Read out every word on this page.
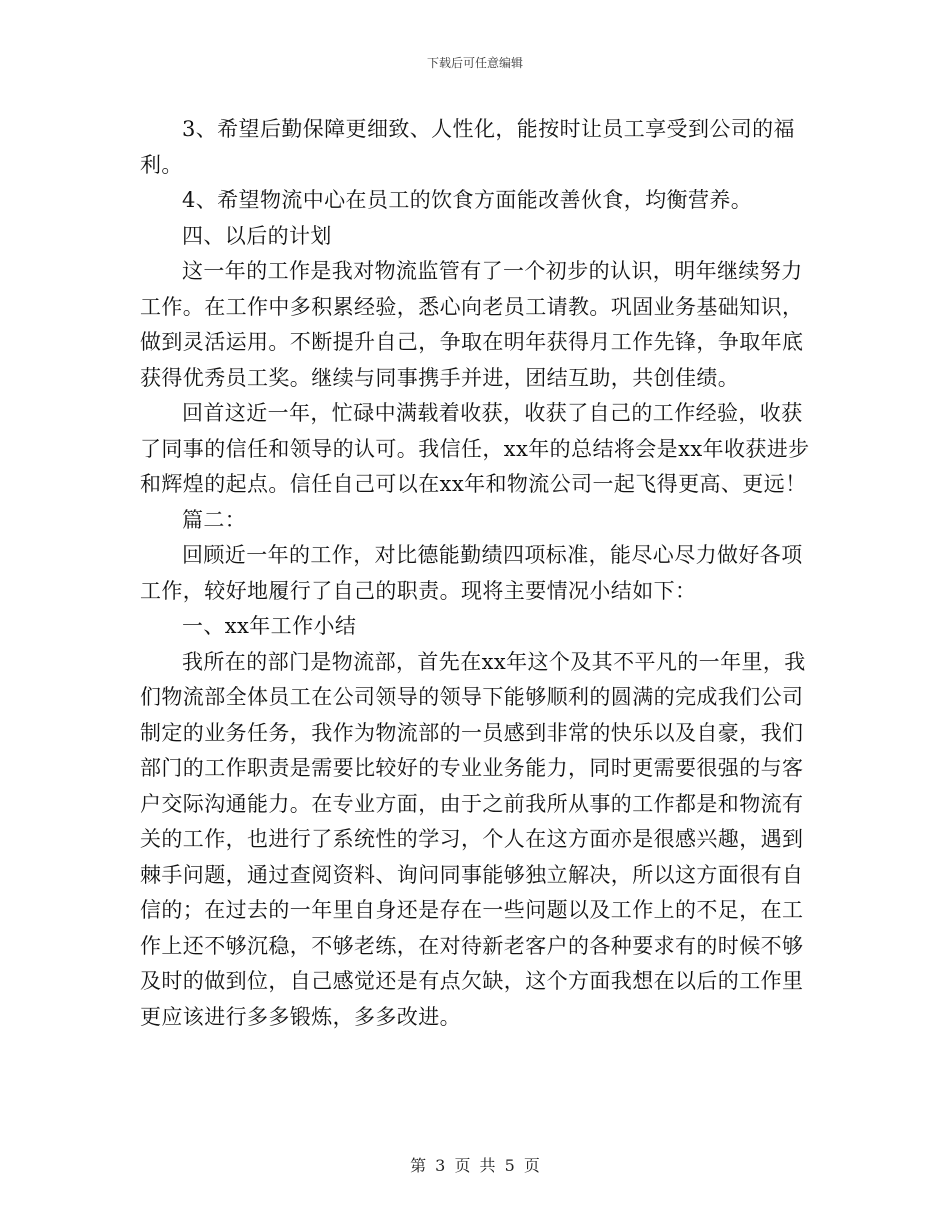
下载后可任意编辑

3、希望后勤保障更细致、人性化，能按时让员工享受到公司的福利。

4、希望物流中心在员工的饮食方面能改善伙食，均衡营养。

四、以后的计划

这一年的工作是我对物流监管有了一个初步的认识，明年继续努力工作。在工作中多积累经验，悉心向老员工请教。巩固业务基础知识，做到灵活运用。不断提升自己，争取在明年获得月工作先锋，争取年底获得优秀员工奖。继续与同事携手并进，团结互助，共创佳绩。

回首这近一年，忙碌中满载着收获，收获了自己的工作经验，收获了同事的信任和领导的认可。我信任，xx年的总结将会是xx年收获进步和辉煌的起点。信任自己可以在xx年和物流公司一起飞得更高、更远！

篇二：

回顾近一年的工作，对比德能勤绩四项标准，能尽心尽力做好各项工作，较好地履行了自己的职责。现将主要情况小结如下：

一、xx年工作小结

我所在的部门是物流部，首先在xx年这个及其不平凡的一年里，我们物流部全体员工在公司领导的领导下能够顺利的圆满的完成我们公司制定的业务任务，我作为物流部的一员感到非常的快乐以及自豪，我们部门的工作职责是需要比较好的专业业务能力，同时更需要很强的与客户交际沟通能力。在专业方面，由于之前我所从事的工作都是和物流有关的工作，也进行了系统性的学习，个人在这方面亦是很感兴趣，遇到棘手问题，通过查阅资料、询问同事能够独立解决，所以这方面很有自信的；在过去的一年里自身还是存在一些问题以及工作上的不足，在工作上还不够沉稳，不够老练，在对待新老客户的各种要求有的时候不够及时的做到位，自己感觉还是有点欠缺，这个方面我想在以后的工作里更应该进行多多锻炼，多多改进。

第 3 页 共 5 页
